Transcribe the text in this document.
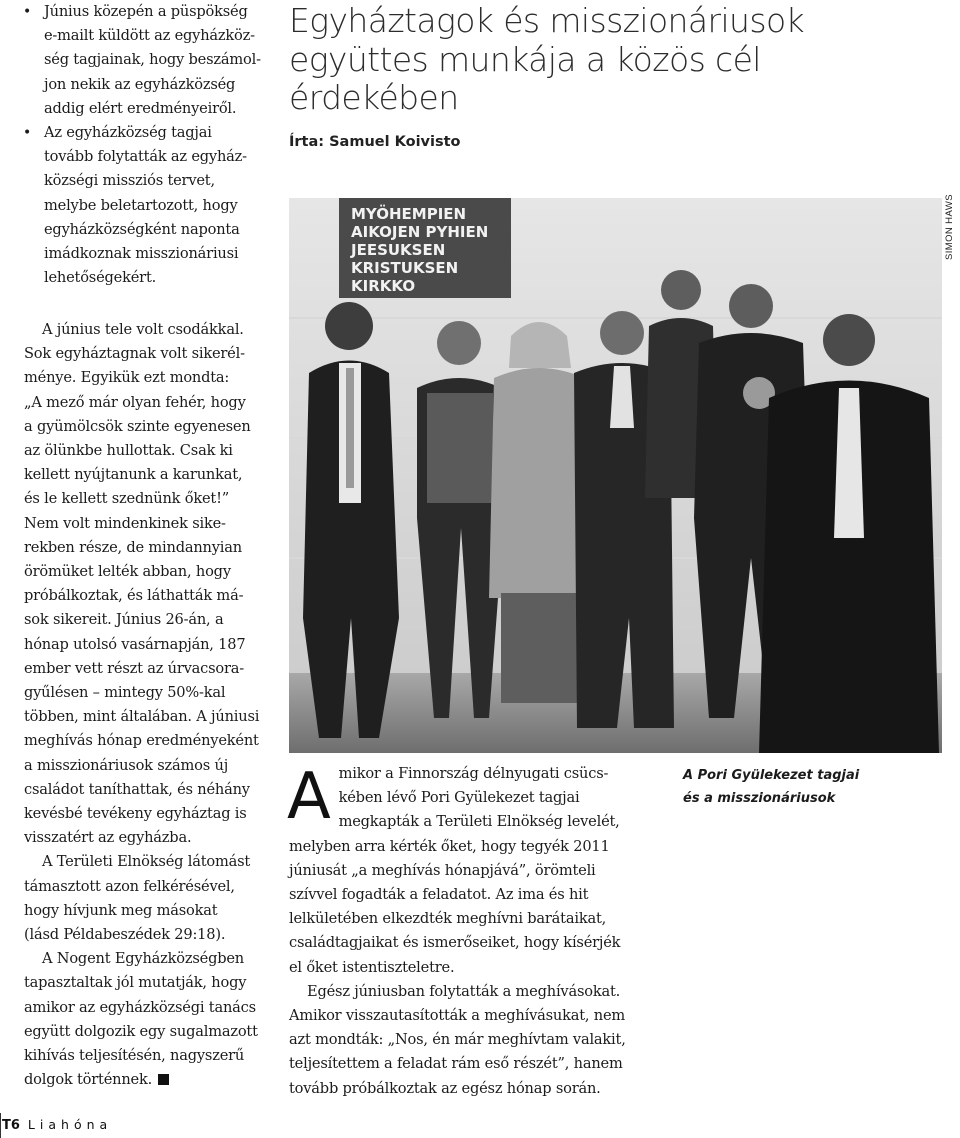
• Június közepén a püspökség
e-mailt küldött az egyházköz-
ség tagjainak, hogy beszámol-
jon nekik az egyházközség
addig elért eredményeiről.
• Az egyházközség tagjai
tovább folytatták az egyház-
községi missziós tervet,
melybe beletartozott, hogy
egyházközségként naponta
imádkoznak misszionáriusi
lehetőségekért.

A június tele volt csodákkal.
Sok egyháztagnak volt sikerél-
ménye. Egyikük ezt mondta:
„A mező már olyan fehér, hogy
a gyümölcsök szinte egyenesen
az ölünkbe hullottak. Csak ki
kellett nyújtanunk a karunkat,
és le kellett szednünk őket!”
Nem volt mindenkinek sike-
rekben része, de mindannyian
örömüket lelték abban, hogy
próbálkoztak, és láthatták má-
sok sikereit. Június 26-án, a
hónap utolsó vasárnapján, 187
ember vett részt az úrvacsora-
gyűlésen – mintegy 50%-kal
többen, mint általában. A júniusi
meghívás hónap eredményeként
a misszionáriusok számos új
családot taníthattak, és néhány
kevésbé tevékeny egyháztag is
visszatért az egyházba.

A Területi Elnökség látomást
támasztott azon felkérésével,
hogy hívjunk meg másokat
(lásd Példabeszédek 29:18).

A Nogent Egyházközségben
tapasztaltak jól mutatják, hogy
amikor az egyházközségi tanács
együtt dolgozik egy sugalmazott
kihívás teljesítésén, nagyszerű
dolgok történnek.

Egyháztagok és misszionáriusok együttes munkája a közös cél érdekében
Írta: Samuel Koivisto
SIMON HAWS
MYÖHEMPIEN
AIKOJEN PYHIEN
JEESUKSEN
KRISTUKSEN
KIRKKO

Amikor a Finnország délnyugati csücs-
kében lévő Pori Gyülekezet tagjai
megkapták a Területi Elnökség levelét,
melyben arra kérték őket, hogy tegyék 2011
júniusát „a meghívás hónapjává”, örömteli
szívvel fogadták a feladatot. Az ima és hit
lelkületében elkezdték meghívni barátaikat,
családtagjaikat és ismerőseiket, hogy kísérjék
el őket istentiszteletre.

Egész júniusban folytatták a meghívásokat.
Amikor visszautasították a meghívásukat, nem
azt mondták: „Nos, én már meghívtam valakit,
teljesítettem a feladat rám eső részét”, hanem
tovább próbálkoztak az egész hónap során.

A Pori Gyülekezet tagjai
és a misszionáriusok
T6 Liahóna
